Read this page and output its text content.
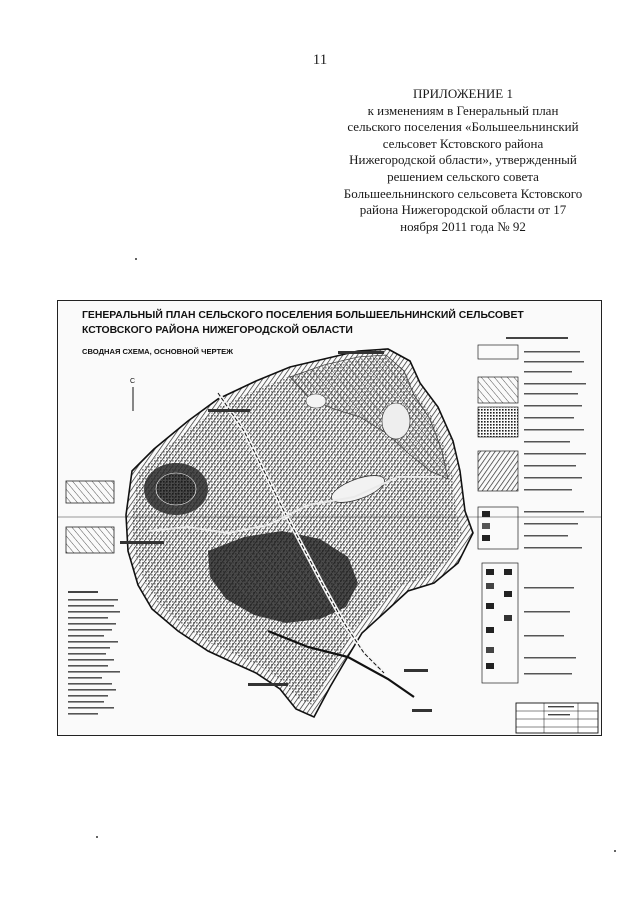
11
ПРИЛОЖЕНИЕ 1
к изменениям в Генеральный план
сельского поселения «Большеельнинский
сельсовет Кстовского района
Нижегородской области», утвержденный
решением сельского совета
Большеельнинского сельсовета Кстовского
района Нижегородской области от 17
ноября 2011 года № 92
С
ГЕНЕРАЛЬНЫЙ ПЛАН СЕЛЬСКОГО ПОСЕЛЕНИЯ БОЛЬШЕЕЛЬНИНСКИЙ СЕЛЬСОВЕТ
КСТОВСКОГО РАЙОНА НИЖЕГОРОДСКОЙ ОБЛАСТИ
СВОДНАЯ СХЕМА, ОСНОВНОЙ ЧЕРТЕЖ
